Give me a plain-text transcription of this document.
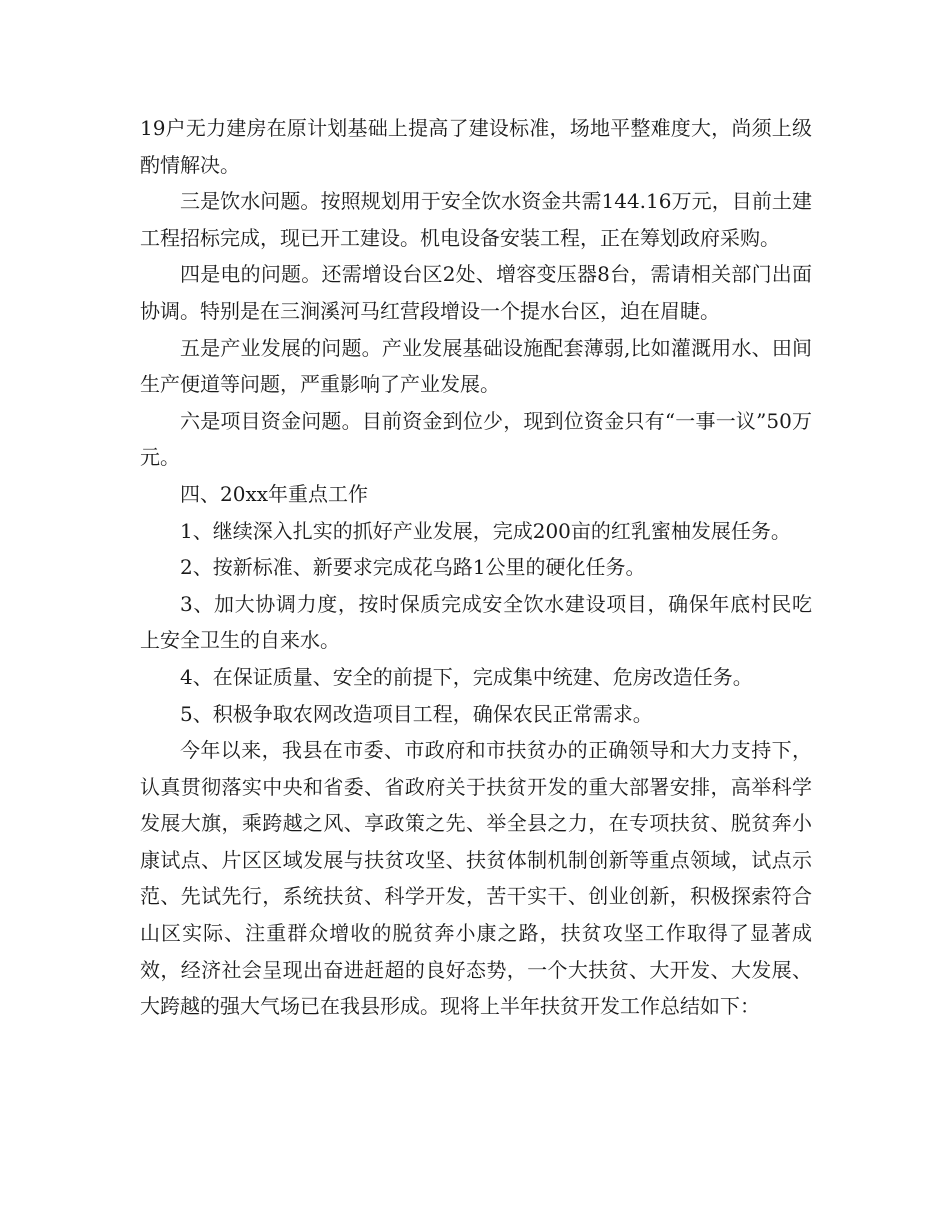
19户无力建房在原计划基础上提高了建设标准，场地平整难度大，尚须上级酌情解决。

三是饮水问题。按照规划用于安全饮水资金共需144.16万元，目前土建工程招标完成，现已开工建设。机电设备安装工程，正在筹划政府采购。

四是电的问题。还需增设台区2处、增容变压器8台，需请相关部门出面协调。特别是在三涧溪河马红营段增设一个提水台区，迫在眉睫。

五是产业发展的问题。产业发展基础设施配套薄弱,比如灌溉用水、田间生产便道等问题，严重影响了产业发展。

六是项目资金问题。目前资金到位少，现到位资金只有“一事一议”50万元。

四、20xx年重点工作

1、继续深入扎实的抓好产业发展，完成200亩的红乳蜜柚发展任务。

2、按新标准、新要求完成花乌路1公里的硬化任务。

3、加大协调力度，按时保质完成安全饮水建设项目，确保年底村民吃上安全卫生的自来水。

4、在保证质量、安全的前提下，完成集中统建、危房改造任务。

5、积极争取农网改造项目工程，确保农民正常需求。

今年以来，我县在市委、市政府和市扶贫办的正确领导和大力支持下，认真贯彻落实中央和省委、省政府关于扶贫开发的重大部署安排，高举科学发展大旗，乘跨越之风、享政策之先、举全县之力，在专项扶贫、脱贫奔小康试点、片区区域发展与扶贫攻坚、扶贫体制机制创新等重点领域，试点示范、先试先行，系统扶贫、科学开发，苦干实干、创业创新，积极探索符合山区实际、注重群众增收的脱贫奔小康之路，扶贫攻坚工作取得了显著成效，经济社会呈现出奋进赶超的良好态势，一个大扶贫、大开发、大发展、大跨越的强大气场已在我县形成。现将上半年扶贫开发工作总结如下：
